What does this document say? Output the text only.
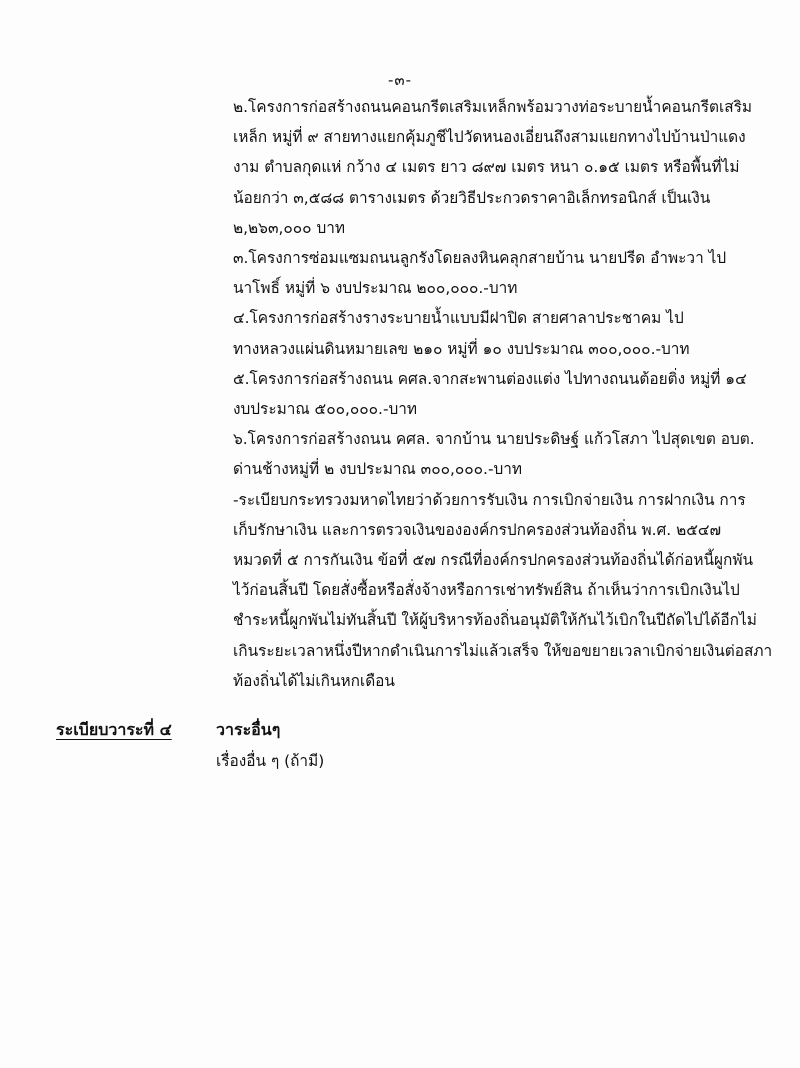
-๓-
๒.โครงการก่อสร้างถนนคอนกรีตเสริมเหล็กพร้อมวางท่อระบายน้ำคอนกรีตเสริม
เหล็ก หมู่ที่ ๙ สายทางแยกคุ้มภูชีไปวัดหนองเอี่ยนถึงสามแยกทางไปบ้านป่าแดง
งาม ตำบลกุดแห่ กว้าง ๔ เมตร ยาว ๘๙๗ เมตร หนา ๐.๑๕ เมตร หรือพื้นที่ไม่
น้อยกว่า ๓,๕๘๘ ตารางเมตร ด้วยวิธีประกวดราคาอิเล็กทรอนิกส์ เป็นเงิน
๒,๒๖๓,๐๐๐ บาท
๓.โครงการซ่อมแซมถนนลูกรังโดยลงหินคลุกสายบ้าน นายปรีด อำพะวา ไป
นาโพธิ์ หมู่ที่ ๖ งบประมาณ ๒๐๐,๐๐๐.-บาท
๔.โครงการก่อสร้างรางระบายน้ำแบบมีฝาปิด สายศาลาประชาคม ไป
ทางหลวงแผ่นดินหมายเลข ๒๑๐ หมู่ที่ ๑๐ งบประมาณ ๓๐๐,๐๐๐.-บาท
๕.โครงการก่อสร้างถนน คศล.จากสะพานต่องแต่ง ไปทางถนนต้อยติ่ง หมู่ที่ ๑๔
งบประมาณ ๕๐๐,๐๐๐.-บาท
๖.โครงการก่อสร้างถนน คศล. จากบ้าน นายประดิษฐ์ แก้วโสภา ไปสุดเขต อบต.
ด่านช้างหมู่ที่ ๒ งบประมาณ ๓๐๐,๐๐๐.-บาท
-ระเบียบกระทรวงมหาดไทยว่าด้วยการรับเงิน การเบิกจ่ายเงิน การฝากเงิน การ
เก็บรักษาเงิน และการตรวจเงินขององค์กรปกครองส่วนท้องถิ่น พ.ศ. ๒๕๔๗
หมวดที่ ๕ การกันเงิน ข้อที่ ๕๗ กรณีที่องค์กรปกครองส่วนท้องถิ่นได้ก่อหนี้ผูกพัน
ไว้ก่อนสิ้นปี โดยสั่งซื้อหรือสั่งจ้างหรือการเช่าทรัพย์สิน ถ้าเห็นว่าการเบิกเงินไป
ชำระหนี้ผูกพันไม่ทันสิ้นปี ให้ผู้บริหารท้องถิ่นอนุมัติให้กันไว้เบิกในปีถัดไปได้อีกไม่
เกินระยะเวลาหนึ่งปีหากดำเนินการไม่แล้วเสร็จ ให้ขอขยายเวลาเบิกจ่ายเงินต่อสภา
ท้องถิ่นได้ไม่เกินหกเดือน
ระเบียบวาระที่ ๔	วาระอื่นๆ
เรื่องอื่น ๆ (ถ้ามี)
